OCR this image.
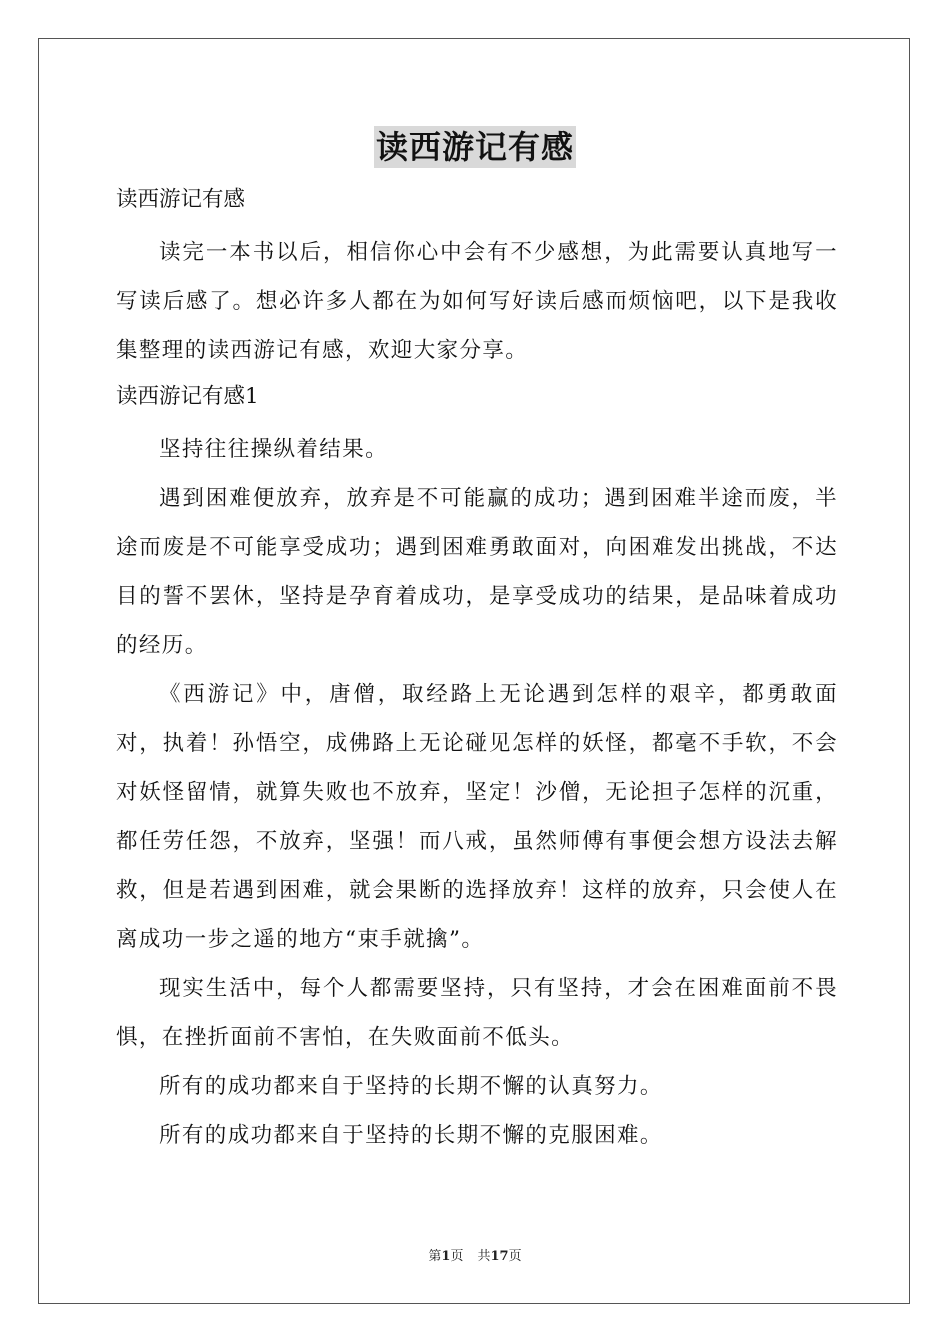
读西游记有感
读西游记有感

读完一本书以后，相信你心中会有不少感想，为此需要认真地写一写读后感了。想必许多人都在为如何写好读后感而烦恼吧，以下是我收集整理的读西游记有感，欢迎大家分享。

读西游记有感1

坚持往往操纵着结果。

遇到困难便放弃，放弃是不可能赢的成功；遇到困难半途而废，半途而废是不可能享受成功；遇到困难勇敢面对，向困难发出挑战，不达目的誓不罢休，坚持是孕育着成功，是享受成功的结果，是品味着成功的经历。

《西游记》中，唐僧，取经路上无论遇到怎样的艰辛，都勇敢面对，执着！孙悟空，成佛路上无论碰见怎样的妖怪，都毫不手软，不会对妖怪留情，就算失败也不放弃，坚定！沙僧，无论担子怎样的沉重，都任劳任怨，不放弃，坚强！而八戒，虽然师傅有事便会想方设法去解救，但是若遇到困难，就会果断的选择放弃！这样的放弃，只会使人在离成功一步之遥的地方“束手就擒”。

现实生活中，每个人都需要坚持，只有坚持，才会在困难面前不畏惧，在挫折面前不害怕，在失败面前不低头。

所有的成功都来自于坚持的长期不懈的认真努力。

所有的成功都来自于坚持的长期不懈的克服困难。

第1页 共17页
